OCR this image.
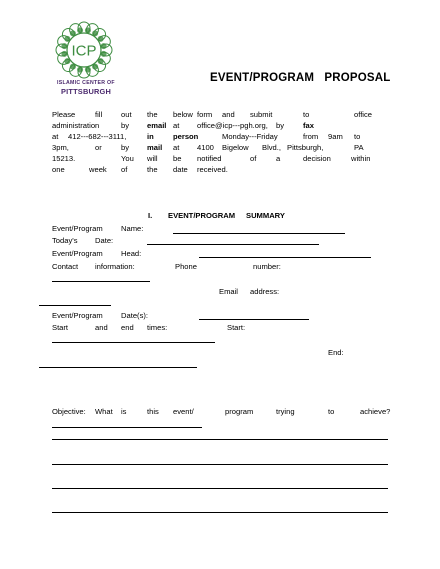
ICP
ISLAMIC CENTER OF
PITTSBURGH
EVENT/PROGRAM   PROPOSAL
Please	fill out the below form and submit	to	office
administration	by email at office@icp---pgh.org, by fax
at 412---682---3111,	in	person	Monday---Friday	from 9am to
3pm,	or	by mail at 4100 Bigelow Blvd., Pittsburgh,	PA
15213.	You will be notified	of	a	decision	within
one	week of	the date received.
I. EVENT/PROGRAM SUMMARY
Event/Program Name:
Today's Date:
Event/Program Head:
Contact information:	Phone	number:
Email address:
Event/Program Date(s):
Start	and end times:	Start:
End:
Objective: What is	this event/	program	trying	to	achieve?
